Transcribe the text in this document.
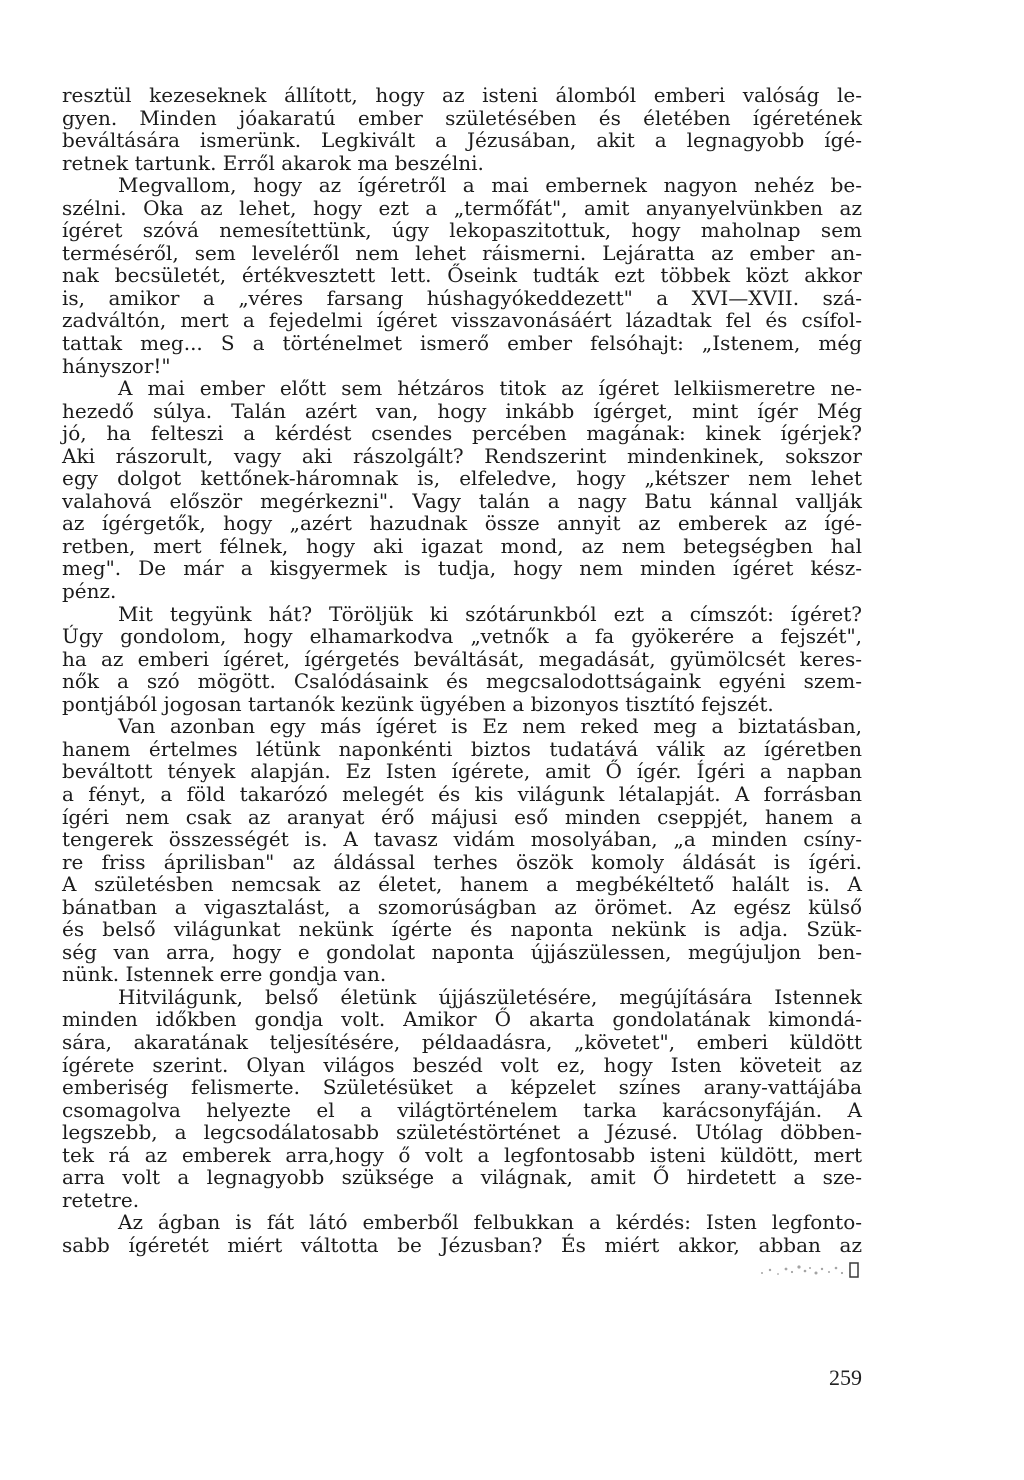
resztül kezeseknek állított, hogy az isteni álomból emberi valóság le-
gyen. Minden jóakaratú ember születésében és életében ígéretének
beváltására ismerünk. Legkivált a Jézusában, akit a legnagyobb ígé-
retnek tartunk. Erről akarok ma beszélni.
Megvallom, hogy az ígéretről a mai embernek nagyon nehéz be-
szélni. Oka az lehet, hogy ezt a „termőfát", amit anyanyelvünkben az
ígéret szóvá nemesítettünk, úgy lekopaszitottuk, hogy maholnap sem
terméséről, sem leveléről nem lehet ráismerni. Lejáratta az ember an-
nak becsületét, értékvesztett lett. Őseink tudták ezt többek közt akkor
is, amikor a „véres farsang húshagyókeddezett" a XVI—XVII. szá-
zadváltón, mert a fejedelmi ígéret visszavonásáért lázadtak fel és csífol-
tattak meg... S a történelmet ismerő ember felsóhajt: „Istenem, még
hányszor!"
A mai ember előtt sem hétzáros titok az ígéret lelkiismeretre ne-
hezedő súlya. Talán azért van, hogy inkább ígérget, mint ígér Még
jó, ha felteszi a kérdést csendes percében magának: kinek ígérjek?
Aki rászorult, vagy aki rászolgált? Rendszerint mindenkinek, sokszor
egy dolgot kettőnek-háromnak is, elfeledve, hogy „kétszer nem lehet
valahová először megérkezni". Vagy talán a nagy Batu kánnal vallják
az ígérgetők, hogy „azért hazudnak össze annyit az emberek az ígé-
retben, mert félnek, hogy aki igazat mond, az nem betegségben hal
meg". De már a kisgyermek is tudja, hogy nem minden ígéret kész-
pénz.
Mit tegyünk hát? Töröljük ki szótárunkból ezt a címszót: ígéret?
Úgy gondolom, hogy elhamarkodva „vetnők a fa gyökerére a fejszét",
ha az emberi ígéret, ígérgetés beváltását, megadását, gyümölcsét keres-
nők a szó mögött. Csalódásaink és megcsalodottságaink egyéni szem-
pontjából jogosan tartanók kezünk ügyében a bizonyos tisztító fejszét.
Van azonban egy más ígéret is Ez nem reked meg a biztatásban,
hanem értelmes létünk naponkénti biztos tudatává válik az ígéretben
beváltott tények alapján. Ez Isten ígérete, amit Ő ígér. Ígéri a napban
a fényt, a föld takarózó melegét és kis világunk létalapját. A forrásban
ígéri nem csak az aranyat érő májusi eső minden cseppjét, hanem a
tengerek összességét is. A tavasz vidám mosolyában, „a minden csíny-
re friss áprilisban" az áldással terhes öszök komoly áldását is ígéri.
A születésben nemcsak az életet, hanem a megbékéltető halált is. A
bánatban a vigasztalást, a szomorúságban az örömet. Az egész külső
és belső világunkat nekünk ígérte és naponta nekünk is adja. Szük-
ség van arra, hogy e gondolat naponta újjászülessen, megújuljon ben-
nünk. Istennek erre gondja van.
Hitvilágunk, belső életünk újjászületésére, megújítására Istennek
minden időkben gondja volt. Amikor Ő akarta gondolatának kimondá-
sára, akaratának teljesítésére, példaadásra, „követet", emberi küldött
ígérete szerint. Olyan világos beszéd volt ez, hogy Isten követeit az
emberiség felismerte. Születésüket a képzelet színes arany-vattájába
csomagolva helyezte el a világtörténelem tarka karácsonyfáján. A
legszebb, a legcsodálatosabb születéstörténet a Jézusé. Utólag döbben-
tek rá az emberek arra,hogy ő volt a legfontosabb isteni küldött, mert
arra volt a legnagyobb szüksége a világnak, amit Ő hirdetett a sze-
retetre.
Az ágban is fát látó emberből felbukkan a kérdés: Isten legfonto-
sabb ígéretét miért váltotta be Jézusban? És miért akkor, abban az
259
